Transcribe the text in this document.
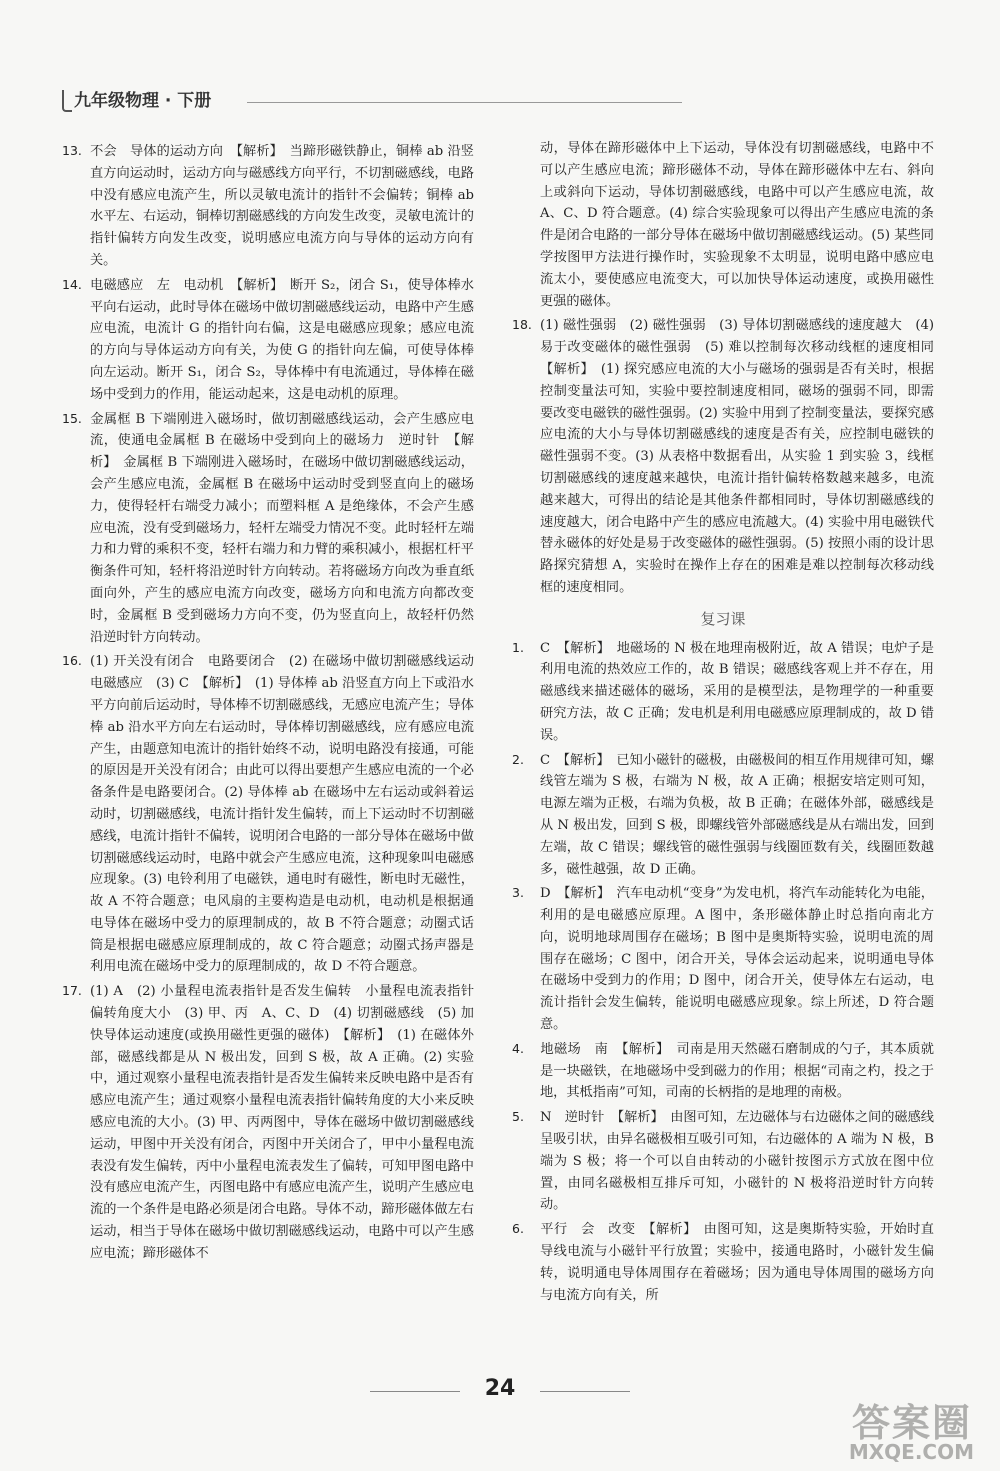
九年级物理 · 下册

13. 不会　导体的运动方向　【解析】　当蹄形磁铁静止，铜棒 ab 沿竖直方向运动时，运动方向与磁感线方向平行，不切割磁感线，电路中没有感应电流产生，所以灵敏电流计的指针不会偏转；铜棒 ab 水平左、右运动，铜棒切割磁感线的方向发生改变，灵敏电流计的指针偏转方向发生改变，说明感应电流方向与导体的运动方向有关。

14. 电磁感应　左　电动机　【解析】　断开 S₂，闭合 S₁，使导体棒水平向右运动，此时导体在磁场中做切割磁感线运动，电路中产生感应电流，电流计 G 的指针向右偏，这是电磁感应现象；感应电流的方向与导体运动方向有关，为使 G 的指针向左偏，可使导体棒向左运动。断开 S₁，闭合 S₂，导体棒中有电流通过，导体棒在磁场中受到力的作用，能运动起来，这是电动机的原理。

15. 金属框 B 下端刚进入磁场时，做切割磁感线运动，会产生感应电流，使通电金属框 B 在磁场中受到向上的磁场力　逆时针　【解析】　金属框 B 下端刚进入磁场时，在磁场中做切割磁感线运动，会产生感应电流，金属框 B 在磁场中运动时受到竖直向上的磁场力，使得轻杆右端受力减小；而塑料框 A 是绝缘体，不会产生感应电流，没有受到磁场力，轻杆左端受力情况不变。此时轻杆左端力和力臂的乘积不变，轻杆右端力和力臂的乘积减小，根据杠杆平衡条件可知，轻杆将沿逆时针方向转动。若将磁场方向改为垂直纸面向外，产生的感应电流方向改变，磁场方向和电流方向都改变时，金属框 B 受到磁场力方向不变，仍为竖直向上，故轻杆仍然沿逆时针方向转动。

16. (1) 开关没有闭合　电路要闭合　(2) 在磁场中做切割磁感线运动　电磁感应　(3) C　【解析】　(1) 导体棒 ab 沿竖直方向上下或沿水平方向前后运动时，导体棒不切割磁感线，无感应电流产生；导体棒 ab 沿水平方向左右运动时，导体棒切割磁感线，应有感应电流产生，由题意知电流计的指针始终不动，说明电路没有接通，可能的原因是开关没有闭合；由此可以得出要想产生感应电流的一个必备条件是电路要闭合。(2) 导体棒 ab 在磁场中左右运动或斜着运动时，切割磁感线，电流计指针发生偏转，而上下运动时不切割磁感线，电流计指针不偏转，说明闭合电路的一部分导体在磁场中做切割磁感线运动时，电路中就会产生感应电流，这种现象叫电磁感应现象。(3) 电铃利用了电磁铁，通电时有磁性，断电时无磁性，故 A 不符合题意；电风扇的主要构造是电动机，电动机是根据通电导体在磁场中受力的原理制成的，故 B 不符合题意；动圈式话筒是根据电磁感应原理制成的，故 C 符合题意；动圈式扬声器是利用电流在磁场中受力的原理制成的，故 D 不符合题意。

17. (1) A　(2) 小量程电流表指针是否发生偏转　小量程电流表指针偏转角度大小　(3) 甲、丙　A、C、D　(4) 切割磁感线　(5) 加快导体运动速度(或换用磁性更强的磁体)　【解析】　(1) 在磁体外部，磁感线都是从 N 极出发，回到 S 极，故 A 正确。(2) 实验中，通过观察小量程电流表指针是否发生偏转来反映电路中是否有感应电流产生；通过观察小量程电流表指针偏转角度的大小来反映感应电流的大小。(3) 甲、丙两图中，导体在磁场中做切割磁感线运动，甲图中开关没有闭合，丙图中开关闭合了，甲中小量程电流表没有发生偏转，丙中小量程电流表发生了偏转，可知甲图电路中没有感应电流产生，丙图电路中有感应电流产生，说明产生感应电流的一个条件是电路必须是闭合电路。导体不动，蹄形磁体做左右运动，相当于导体在磁场中做切割磁感线运动，电路中可以产生感应电流；蹄形磁体不

动，导体在蹄形磁体中上下运动，导体没有切割磁感线，电路中不可以产生感应电流；蹄形磁体不动，导体在蹄形磁体中左右、斜向上或斜向下运动，导体切割磁感线，电路中可以产生感应电流，故 A、C、D 符合题意。(4) 综合实验现象可以得出产生感应电流的条件是闭合电路的一部分导体在磁场中做切割磁感线运动。(5) 某些同学按图甲方法进行操作时，实验现象不太明显，说明电路中感应电流太小，要使感应电流变大，可以加快导体运动速度，或换用磁性更强的磁体。

18. (1) 磁性强弱　(2) 磁性强弱　(3) 导体切割磁感线的速度越大　(4) 易于改变磁体的磁性强弱　(5) 难以控制每次移动线框的速度相同　【解析】　(1) 探究感应电流的大小与磁场的强弱是否有关时，根据控制变量法可知，实验中要控制速度相同，磁场的强弱不同，即需要改变电磁铁的磁性强弱。(2) 实验中用到了控制变量法，要探究感应电流的大小与导体切割磁感线的速度是否有关，应控制电磁铁的磁性强弱不变。(3) 从表格中数据看出，从实验 1 到实验 3，线框切割磁感线的速度越来越快，电流计指针偏转格数越来越多，电流越来越大，可得出的结论是其他条件都相同时，导体切割磁感线的速度越大，闭合电路中产生的感应电流越大。(4) 实验中用电磁铁代替永磁体的好处是易于改变磁体的磁性强弱。(5) 按照小雨的设计思路探究猜想 A，实验时在操作上存在的困难是难以控制每次移动线框的速度相同。

复习课

1. C　【解析】　地磁场的 N 极在地理南极附近，故 A 错误；电炉子是利用电流的热效应工作的，故 B 错误；磁感线客观上并不存在，用磁感线来描述磁体的磁场，采用的是模型法，是物理学的一种重要研究方法，故 C 正确；发电机是利用电磁感应原理制成的，故 D 错误。

2. C　【解析】　已知小磁针的磁极，由磁极间的相互作用规律可知，螺线管左端为 S 极，右端为 N 极，故 A 正确；根据安培定则可知，电源左端为正极，右端为负极，故 B 正确；在磁体外部，磁感线是从 N 极出发，回到 S 极，即螺线管外部磁感线是从右端出发，回到左端，故 C 错误；螺线管的磁性强弱与线圈匝数有关，线圈匝数越多，磁性越强，故 D 正确。

3. D　【解析】　汽车电动机“变身”为发电机，将汽车动能转化为电能，利用的是电磁感应原理。A 图中，条形磁体静止时总指向南北方向，说明地球周围存在磁场；B 图中是奥斯特实验，说明电流的周围存在磁场；C 图中，闭合开关，导体会运动起来，说明通电导体在磁场中受到力的作用；D 图中，闭合开关，使导体左右运动，电流计指针会发生偏转，能说明电磁感应现象。综上所述，D 符合题意。

4. 地磁场　南　【解析】　司南是用天然磁石磨制成的勺子，其本质就是一块磁铁，在地磁场中受到磁力的作用；根据“司南之杓，投之于地，其柢指南”可知，司南的长柄指的是地理的南极。

5. N　逆时针　【解析】　由图可知，左边磁体与右边磁体之间的磁感线呈吸引状，由异名磁极相互吸引可知，右边磁体的 A 端为 N 极，B 端为 S 极；将一个可以自由转动的小磁针按图示方式放在图中位置，由同名磁极相互排斥可知，小磁针的 N 极将沿逆时针方向转动。

6. 平行　会　改变　【解析】　由图可知，这是奥斯特实验，开始时直导线电流与小磁针平行放置；实验中，接通电路时，小磁针发生偏转，说明通电导体周围存在着磁场；因为通电导体周围的磁场方向与电流方向有关，所

24
答案圈
MXQE.COM
